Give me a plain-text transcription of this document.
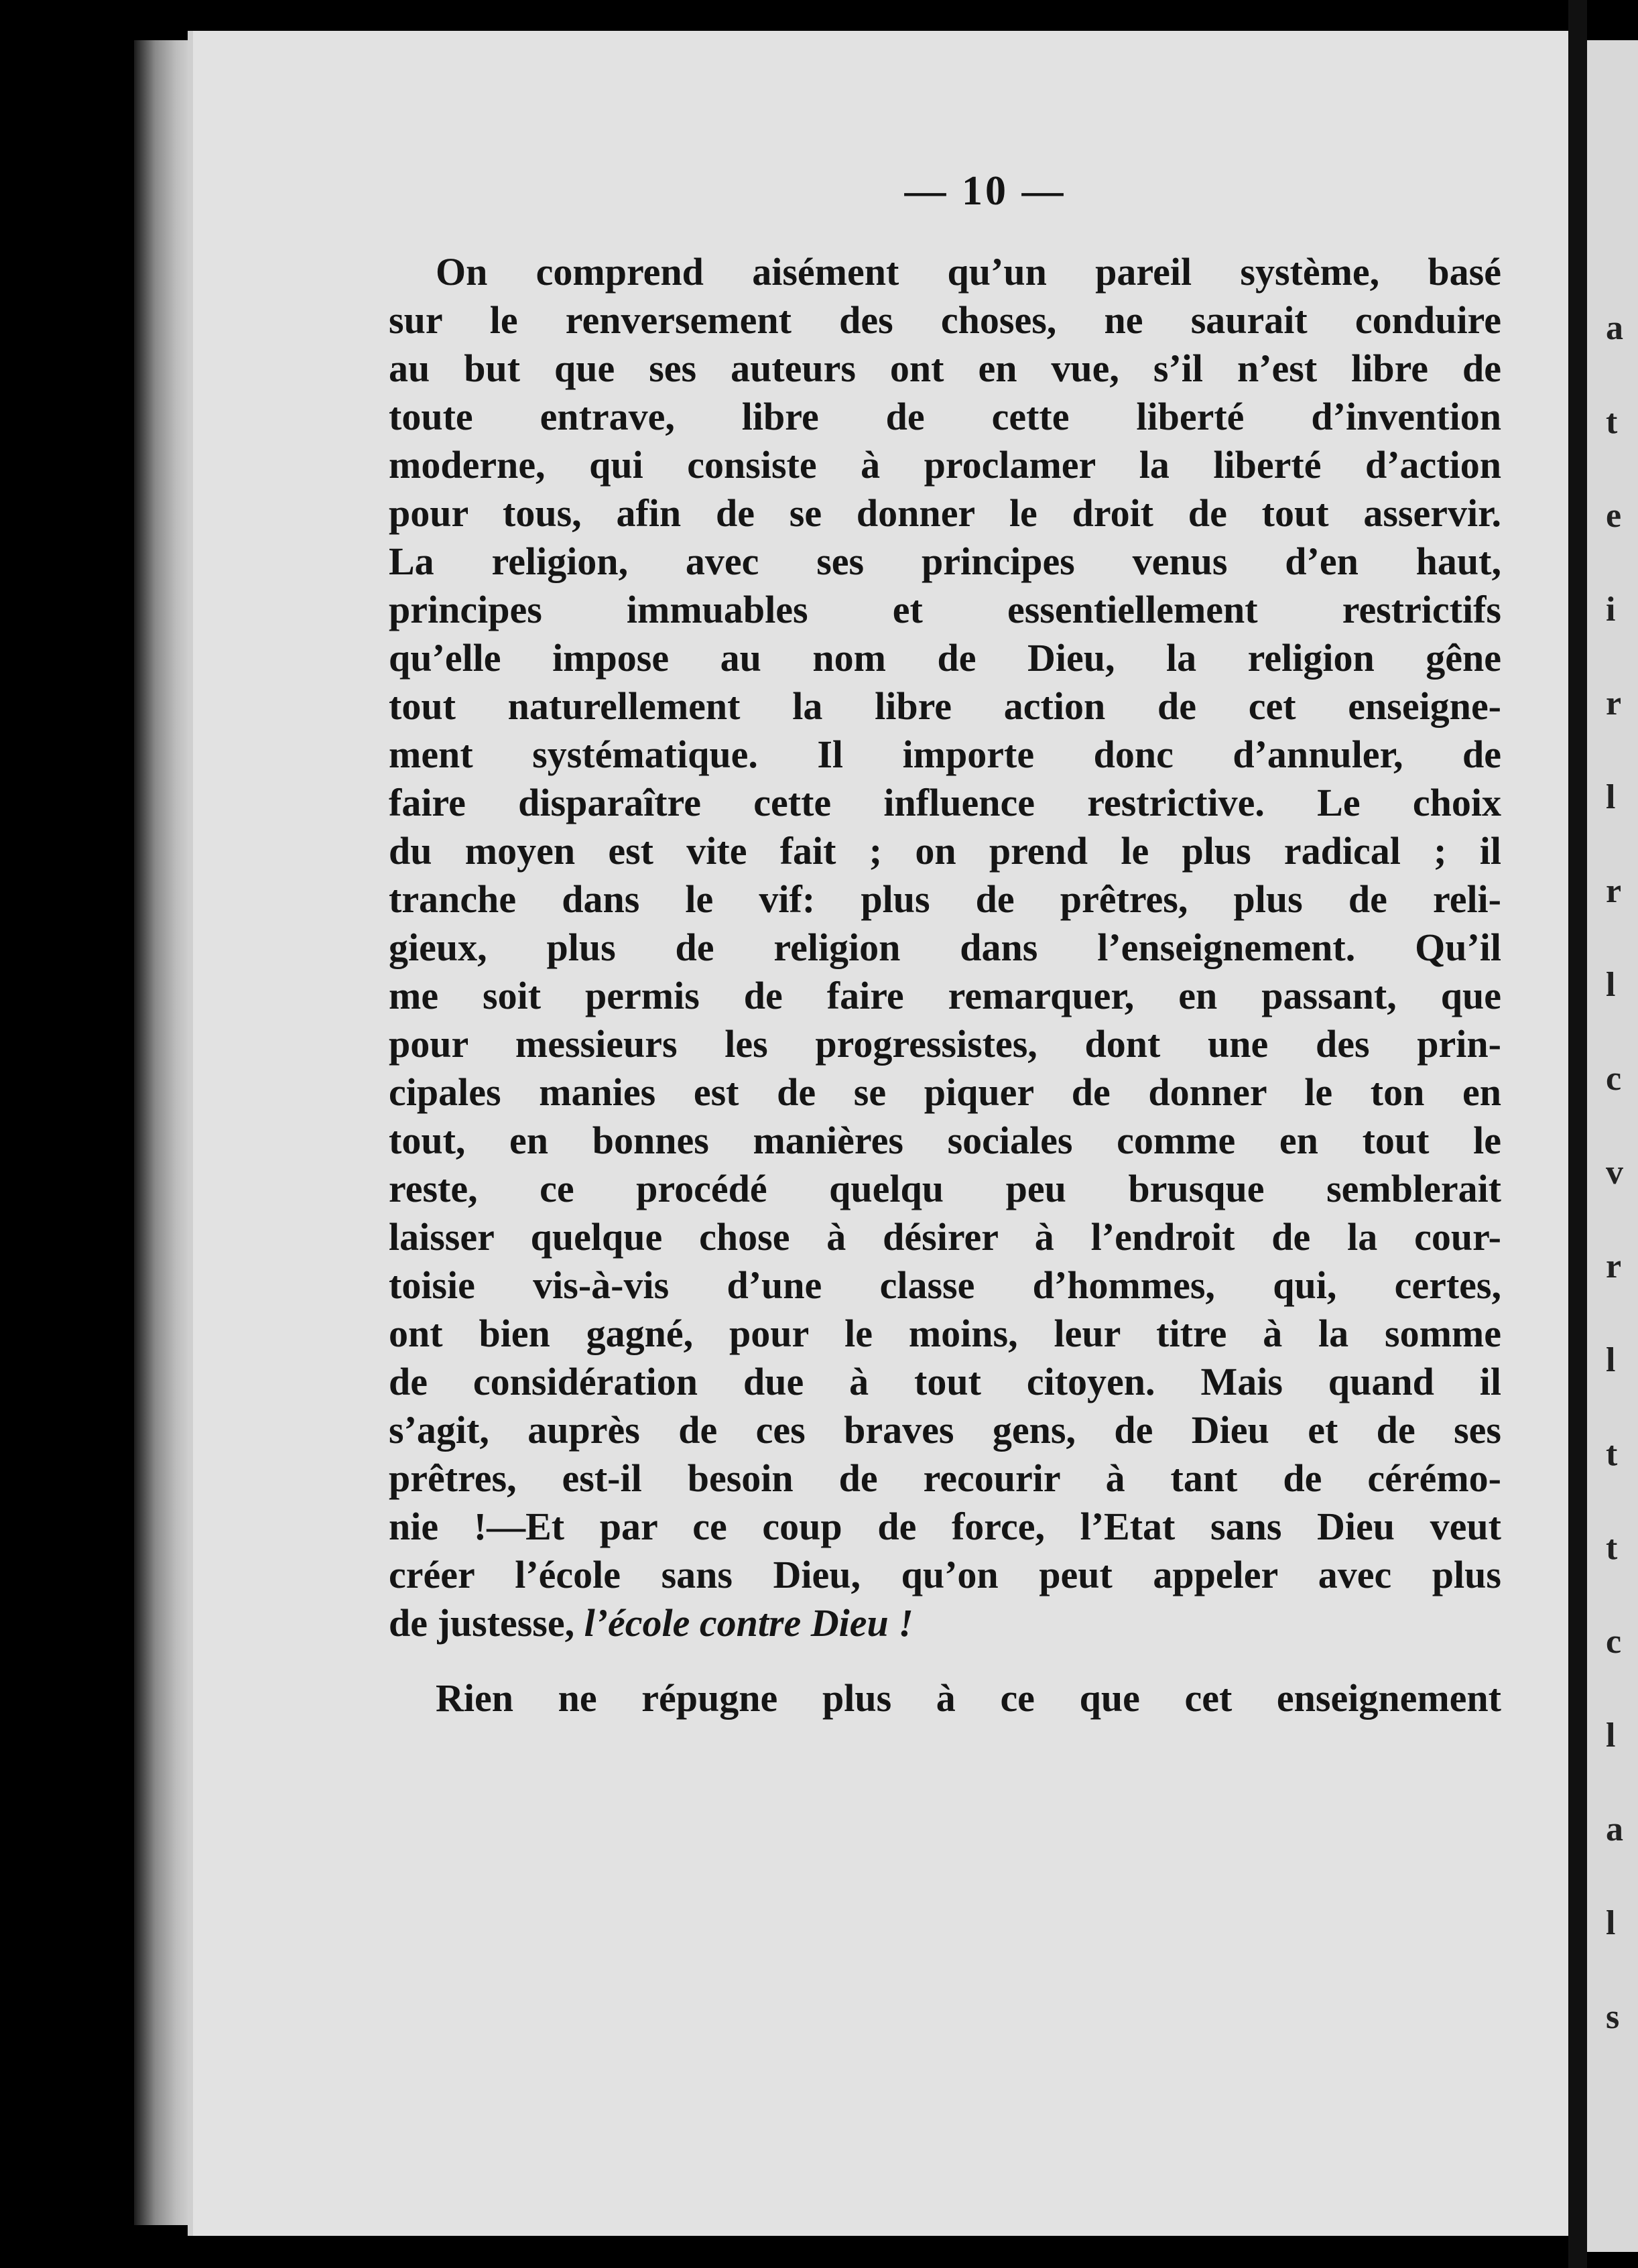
a
t
e
i
r
l
r
l
c
v
r
l
t
t
c
l
a
l
s
— 10 —
On comprend aisément qu’un pareil système, basé
sur le renversement des choses, ne saurait conduire
au but que ses auteurs ont en vue, s’il n’est libre de
toute entrave, libre de cette liberté d’invention
moderne, qui consiste à proclamer la liberté d’action
pour tous, afin de se donner le droit de tout asservir.
La religion, avec ses principes venus d’en haut,
principes immuables et essentiellement restrictifs
qu’elle impose au nom de Dieu, la religion gêne
tout naturellement la libre action de cet enseigne-
ment systématique. Il importe donc d’annuler, de
faire disparaître cette influence restrictive. Le choix
du moyen est vite fait ; on prend le plus radical ; il
tranche dans le vif: plus de prêtres, plus de reli-
gieux, plus de religion dans l’enseignement. Qu’il
me soit permis de faire remarquer, en passant, que
pour messieurs les progressistes, dont une des prin-
cipales manies est de se piquer de donner le ton en
tout, en bonnes manières sociales comme en tout le
reste, ce procédé quelqu peu brusque semblerait
laisser quelque chose à désirer à l’endroit de la cour-
toisie vis-à-vis d’une classe d’hommes, qui, certes,
ont bien gagné, pour le moins, leur titre à la somme
de considération due à tout citoyen. Mais quand il
s’agit, auprès de ces braves gens, de Dieu et de ses
prêtres, est-il besoin de recourir à tant de cérémo-
nie !—Et par ce coup de force, l’Etat sans Dieu veut
créer l’école sans Dieu, qu’on peut appeler avec plus
de justesse, l’école contre Dieu !
Rien ne répugne plus à ce que cet enseignement
